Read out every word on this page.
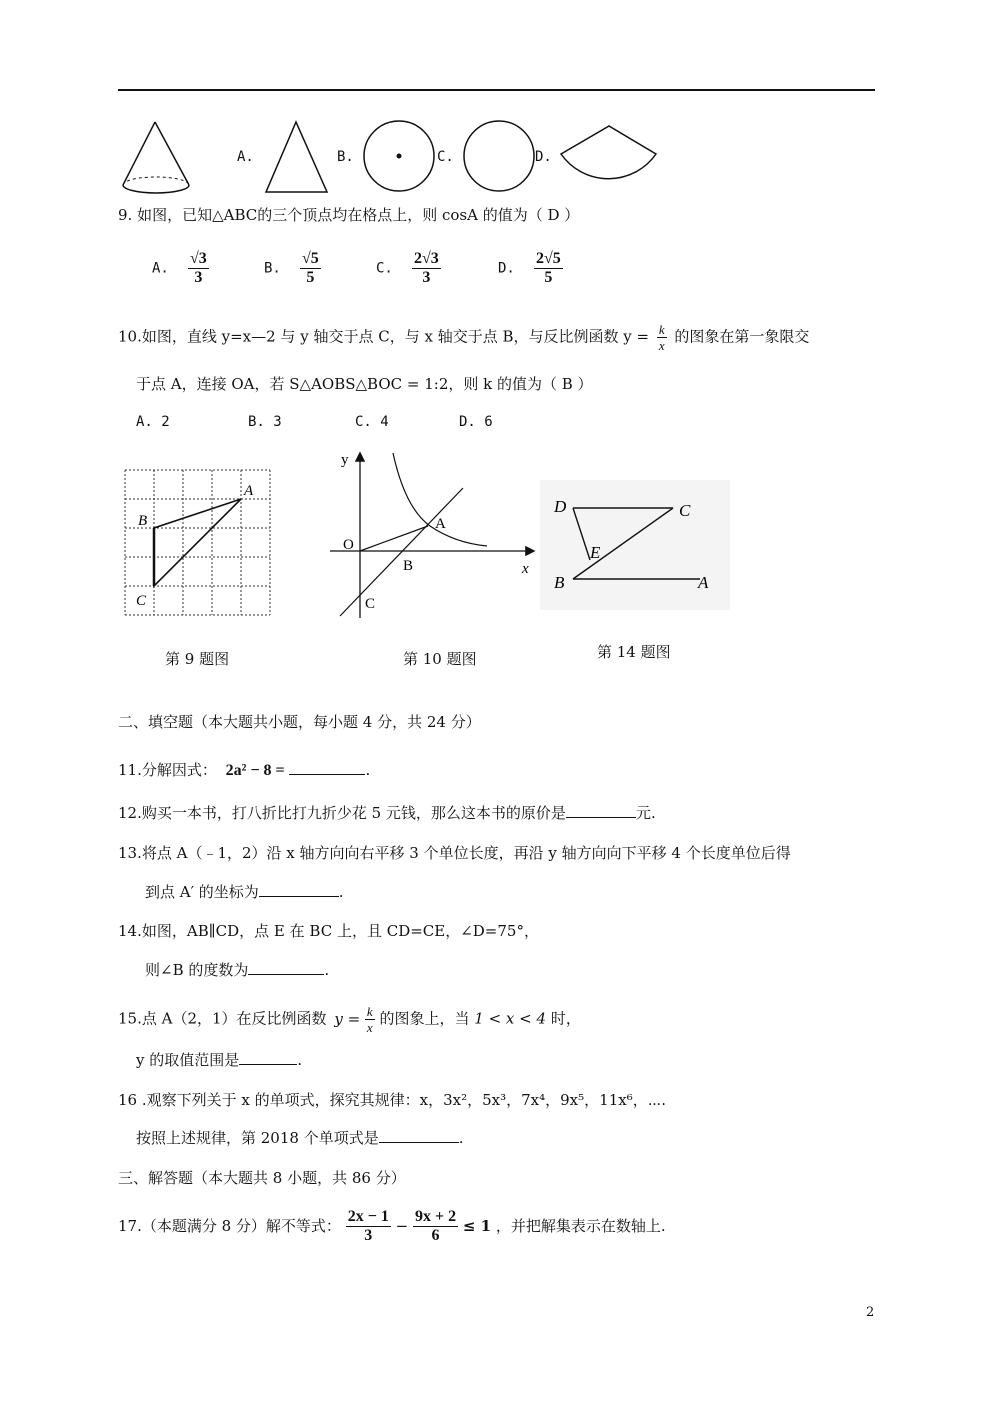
A.	B.	C.	D.
9. 如图，已知△ABC的三个顶点均在格点上，则 cosA 的值为（ D ）
A. $\frac{√3}{3}$	B. $\frac{√5}{5}$	C. $\frac{2√3}{3}$	D. $\frac{2√5}{5}$
10.如图，直线 y=x—2 与 y 轴交于点 C，与 x 轴交于点 B，与反比例函数 $y = \frac{k}{x}$ 的图象在第一象限交
于点 A，连接 OA，若 S△AOBS△BOC = 1:2，则 k 的值为（ B ）
A. 2	B. 3	C. 4	D. 6
A
B
C
第 9 题图
y
x
O
A
B
C
第 10 题图
D	C
E
B	A
第 14 题图
二、填空题（本大题共小题，每小题 4 分，共 24 分）
11.分解因式： 2a² − 8 =	.
12.购买一本书，打八折比打九折少花 5 元钱，那么这本书的原价是	元.
13.将点 A（﹣1，2）沿 x 轴方向向右平移 3 个单位长度，再沿 y 轴方向向下平移 4 个长度单位后得
到点 A′ 的坐标为	.
14.如图，AB∥CD，点 E 在 BC 上，且 CD=CE，∠D=75°，
则∠B 的度数为	.
15.点 A（2，1）在反比例函数 $y = \frac{k}{x}$ 的图象上，当 1 < x < 4 时，
y 的取值范围是	.
16 .观察下列关于 x 的单项式，探究其规律：x，3x²，5x³，7x⁴，9x⁵，11x⁶，⋯.
按照上述规律，第 2018 个单项式是	.
三、解答题（本大题共 8 小题，共 86 分）
17.（本题满分 8 分）解不等式： $\frac{2x - 1}{3} - \frac{9x + 2}{6} \le 1$ ，并把解集表示在数轴上.
2
